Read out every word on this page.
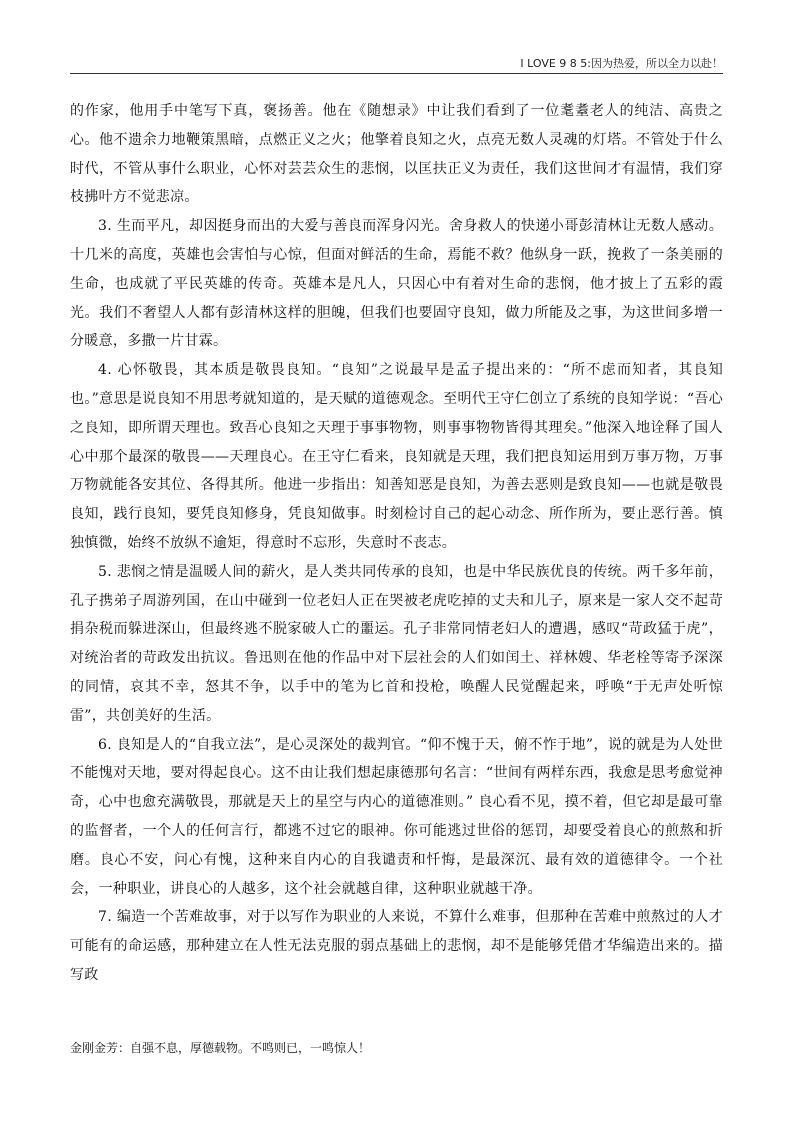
I LOVE 9 8 5:因为热爱，所以全力以赴！

的作家，他用手中笔写下真，褒扬善。他在《随想录》中让我们看到了一位耄耋老人的纯洁、高贵之心。他不遗余力地鞭策黑暗，点燃正义之火；他擎着良知之火，点亮无数人灵魂的灯塔。不管处于什么时代，不管从事什么职业，心怀对芸芸众生的悲悯，以匡扶正义为责任，我们这世间才有温情，我们穿枝拂叶方不觉悲凉。

3. 生而平凡，却因挺身而出的大爱与善良而浑身闪光。舍身救人的快递小哥彭清林让无数人感动。十几米的高度，英雄也会害怕与心惊，但面对鲜活的生命，焉能不救？他纵身一跃，挽救了一条美丽的生命，也成就了平民英雄的传奇。英雄本是凡人，只因心中有着对生命的悲悯，他才披上了五彩的霞光。我们不奢望人人都有彭清林这样的胆魄，但我们也要固守良知，做力所能及之事，为这世间多增一分暖意，多撒一片甘霖。

4. 心怀敬畏，其本质是敬畏良知。“良知”之说最早是孟子提出来的：“所不虑而知者，其良知也。”意思是说良知不用思考就知道的，是天赋的道德观念。至明代王守仁创立了系统的良知学说：“吾心之良知，即所谓天理也。致吾心良知之天理于事事物物，则事事物物皆得其理矣。”他深入地诠释了国人心中那个最深的敬畏——天理良心。在王守仁看来，良知就是天理，我们把良知运用到万事万物，万事万物就能各安其位、各得其所。他进一步指出：知善知恶是良知，为善去恶则是致良知——也就是敬畏良知，践行良知，要凭良知修身，凭良知做事。时刻检讨自己的起心动念、所作所为，要止恶行善。慎独慎微，始终不放纵不逾矩，得意时不忘形，失意时不丧志。

5. 悲悯之情是温暖人间的薪火，是人类共同传承的良知，也是中华民族优良的传统。两千多年前，孔子携弟子周游列国，在山中碰到一位老妇人正在哭被老虎吃掉的丈夫和儿子，原来是一家人交不起苛捐杂税而躲进深山，但最终逃不脱家破人亡的噩运。孔子非常同情老妇人的遭遇，感叹“苛政猛于虎”，对统治者的苛政发出抗议。鲁迅则在他的作品中对下层社会的人们如闰土、祥林嫂、华老栓等寄予深深的同情，哀其不幸，怒其不争，以手中的笔为匕首和投枪，唤醒人民觉醒起来，呼唤“于无声处听惊雷”，共创美好的生活。

6. 良知是人的“自我立法”，是心灵深处的裁判官。“仰不愧于天，俯不怍于地”，说的就是为人处世不能愧对天地，要对得起良心。这不由让我们想起康德那句名言：“世间有两样东西，我愈是思考愈觉神奇，心中也愈充满敬畏，那就是天上的星空与内心的道德准则。” 良心看不见，摸不着，但它却是最可靠的监督者，一个人的任何言行，都逃不过它的眼神。你可能逃过世俗的惩罚，却要受着良心的煎熬和折磨。良心不安，问心有愧，这种来自内心的自我谴责和忏悔，是最深沉、最有效的道德律令。一个社会，一种职业，讲良心的人越多，这个社会就越自律，这种职业就越干净。

7. 编造一个苦难故事，对于以写作为职业的人来说，不算什么难事，但那种在苦难中煎熬过的人才可能有的命运感，那种建立在人性无法克服的弱点基础上的悲悯，却不是能够凭借才华编造出来的。描写政

金刚金芳：自强不息，厚德载物。不鸣则已，一鸣惊人！
